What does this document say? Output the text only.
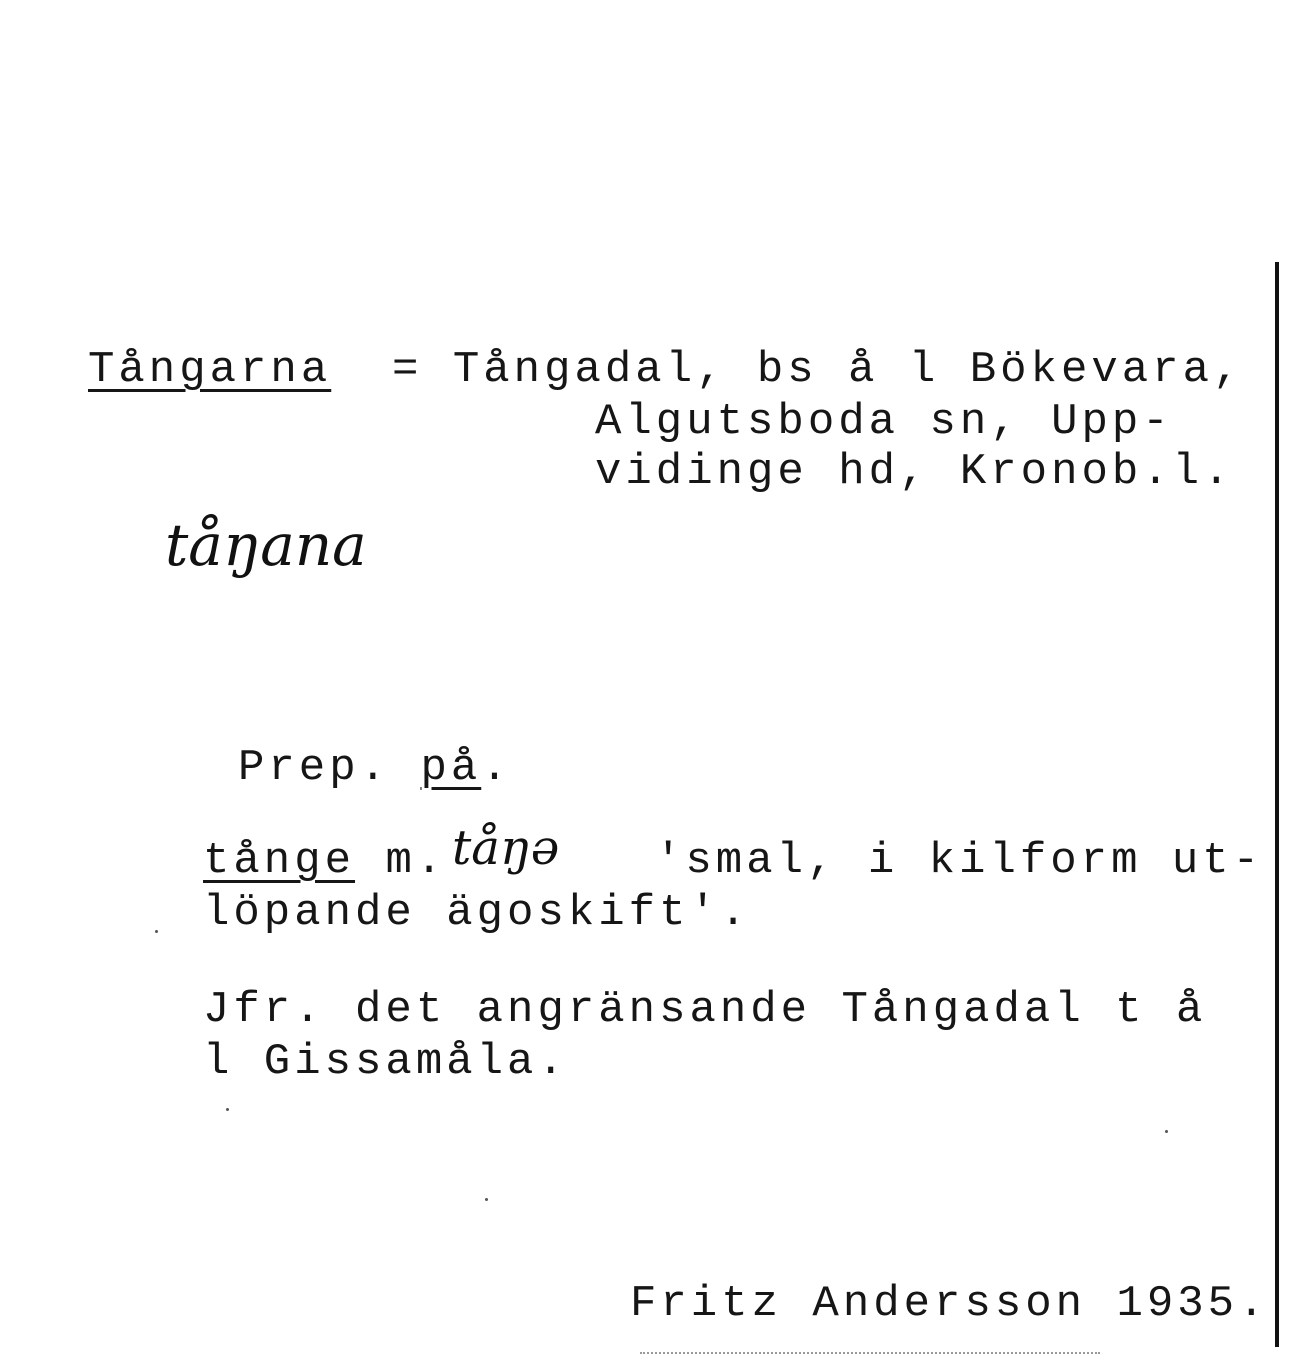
Tångarna = Tångadal, bs å l Bökevara,
Algutsboda sn, Upp-
vidinge hd, Kronob.l.
tåŋana
Prep. på.
tånge m. tåŋə 'smal, i kilform ut-
löpande ägoskift'.
Jfr. det angränsande Tångadal t å
l Gissamåla.
Fritz Andersson 1935.
